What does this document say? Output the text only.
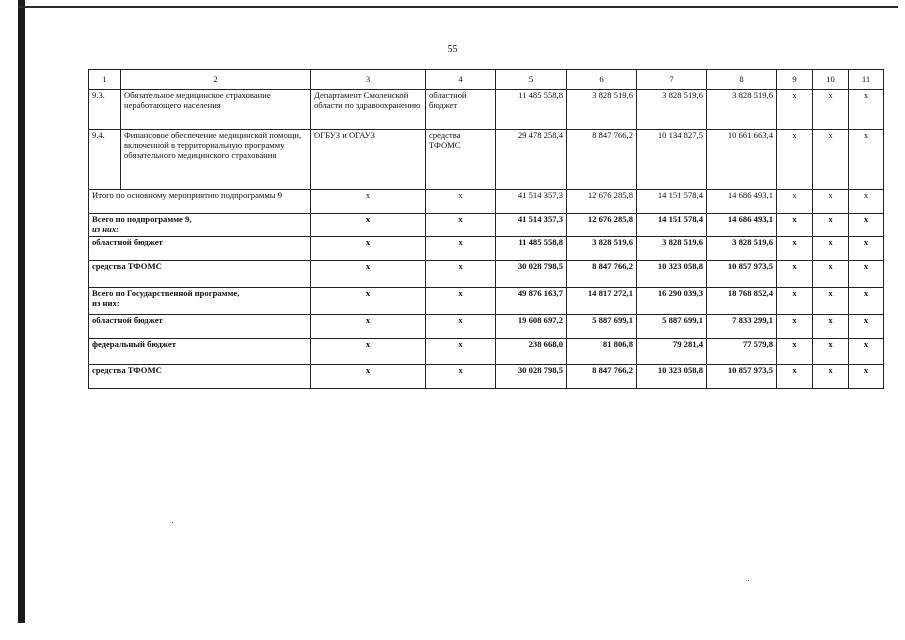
55
1	2	3	4	5	6	7	8	9	10	11
9.3.	Обязательное медицинское страхование неработающего населения	Департамент Смоленской области по здравоохранению	областной бюджет	11 485 558,8	3 828 519,6	3 828 519,6	3 828 519,6	x	x	x
9.4.	Финансовое обеспечение медицинской помощи, включенной в территориальную программу обязательного медицинского страхования	ОГБУЗ и ОГАУЗ	средства ТФОМС	29 478 258,4	8 847 766,2	10 134 827,5	10 661 663,4	x	x	x
Итого по основному мероприятию подпрограммы 9		x	x	41 514 357,3	12 676 285,8	14 151 578,4	14 686 493,1	x	x	x

Всего по подпрограмме 9,
из них:		x	x	41 514 357,3	12 676 285,8	14 151 578,4	14 686 493,1	x	x	x
областной бюджет		x	x	11 485 558,8	3 828 519,6	3 828 519,6	3 828 519,6	x	x	x
средства ТФОМС		x	x	30 028 798,5	8 847 766,2	10 323 058,8	10 857 973,5	x	x	x

Всего по Государственной программе,
из них:		x	x	49 876 163,7	14 817 272,1	16 290 039,3	18 768 852,4	x	x	x
областной бюджет		x	x	19 608 697,2	5 887 699,1	5 887 699,1	7 833 299,1	x	x	x
федеральный бюджет		x	x	238 668,0	81 806,8	79 281,4	77 579,8	x	x	x
средства ТФОМС		x	x	30 028 798,5	8 847 766,2	10 323 058,8	10 857 973,5	x	x	x
